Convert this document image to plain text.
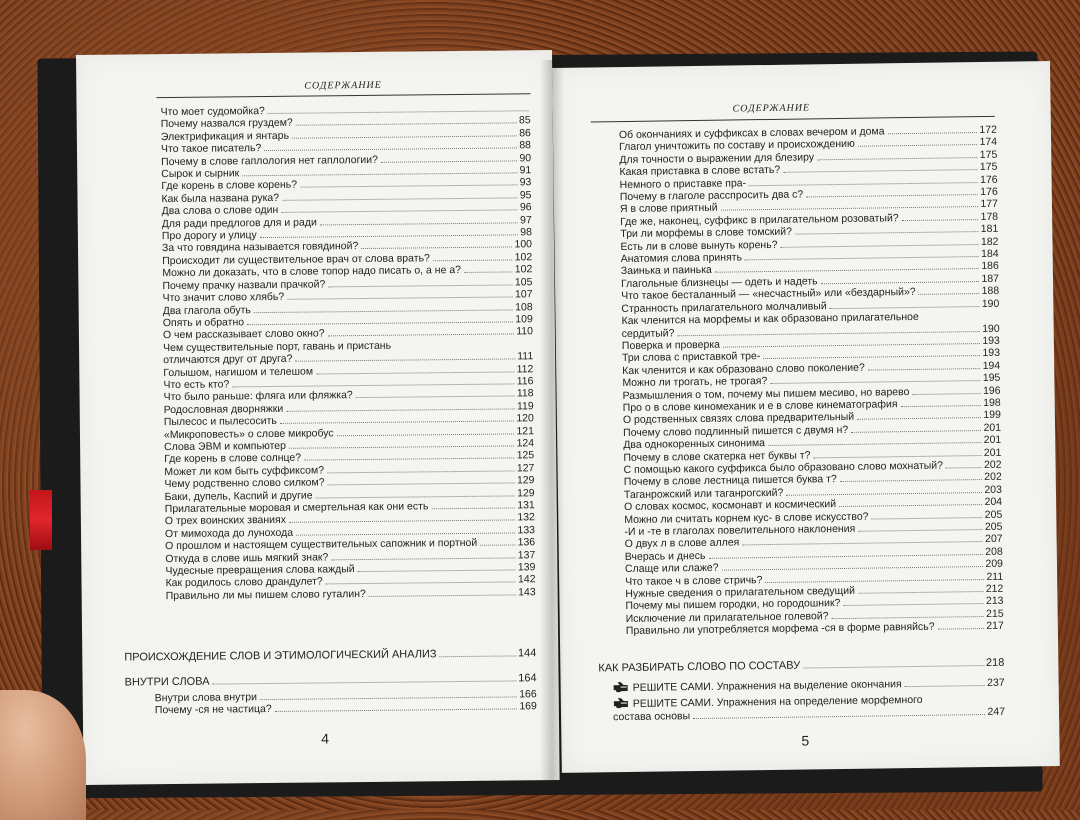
СОДЕРЖАНИЕ
Что моет судомойка?
Почему назвался груздем?	85
Электрификация и янтарь	86
Что такое писатель?	88
Почему в слове гаплология нет гаплологии?	90
Сырок и сырник	91
Где корень в слове корень?	93
Как была названа рука?	95
Два слова о слове один	96
Для ради предлогов для и ради	97
Про дорогу и улицу	98
За что говядина называется говядиной?	100
Происходит ли существительное врач от слова врать?	102
Можно ли доказать, что в слове топор надо писать о, а не а?	102
Почему прачку назвали прачкой?	105
Что значит слово хлябь?	107
Два глагола обуть	108
Опять и обратно	109
О чем рассказывает слово окно?	110
Чем существительные порт, гавань и пристань
отличаются друг от друга?	111
Голышом, нагишом и телешом	112
Что есть кто?	116
Что было раньше: фляга или фляжка?	118
Родословная дворняжки	119
Пылесос и пылесосить	120
«Микроповесть» о слове микробус	121
Слова ЭВМ и компьютер	124
Где корень в слове солнце?	125
Может ли ком быть суффиксом?	127
Чему родственно слово силком?	129
Баки, дупель, Каспий и другие	129
Прилагательные моровая и смертельная как они есть	131
О трех воинских званиях	132
От мимохода до лунохода	133
О прошлом и настоящем существительных сапожник и портной	136
Откуда в слове ишь мягкий знак?	137
Чудесные превращения слова каждый	139
Как родилось слово драндулет?	142
Правильно ли мы пишем слово гуталин?	143
ПРОИСХОЖДЕНИЕ СЛОВ И ЭТИМОЛОГИЧЕСКИЙ АНАЛИЗ	144
ВНУТРИ СЛОВА	164
Внутри слова внутри	166
Почему -ся не частица?	169
4
СОДЕРЖАНИЕ
Об окончаниях и суффиксах в словах вечером и дома	172
Глагол уничтожить по составу и происхождению	174
Для точности о выражении для блезиру	175
Какая приставка в слове встать?	175
Немного о приставке пра-	176
Почему в глаголе расспросить два с?	176
Я в слове приятный	177
Где же, наконец, суффикс в прилагательном розоватый?	178
Три ли морфемы в слове томский?	181
Есть ли в слове вынуть корень?	182
Анатомия слова принять	184
Заинька и паинька	186
Глагольные близнецы — одеть и надеть	187
Что такое бесталанный — «несчастный» или «бездарный»?	188
Странность прилагательного молчаливый	190
Как членится на морфемы и как образовано прилагательное
сердитый?	190
Поверка и проверка	193
Три слова с приставкой тре-	193
Как членится и как образовано слово поколение?	194
Можно ли трогать, не трогая?	195
Размышления о том, почему мы пишем месиво, но варево	196
Про о в слове киномеханик и е в слове кинематография	198
О родственных связях слова предварительный	199
Почему слово подлинный пишется с двумя н?	201
Два однокоренных синонима	201
Почему в слове скатерка нет буквы т?	201
С помощью какого суффикса было образовано слово мохнатый?	202
Почему в слове лестница пишется буква т?	202
Таганрожский или таганрогский?	203
О словах космос, космонавт и космический	204
Можно ли считать корнем кус- в слове искусство?	205
-И и -те в глаголах повелительного наклонения	205
О двух л в слове аллея	207
Вчерась и днесь	208
Слаще или слаже?	209
Что такое ч в слове стричь?	211
Нужные сведения о прилагательном сведущий	212
Почему мы пишем городки, но городошник?	213
Исключение ли прилагательное голевой?	215
Правильно ли употребляется морфема -ся в форме равняйсь?	217
КАК РАЗБИРАТЬ СЛОВО ПО СОСТАВУ	218
РЕШИТЕ САМИ. Упражнения на выделение окончания	237
РЕШИТЕ САМИ. Упражнения на определение морфемного
состава основы	247
5
